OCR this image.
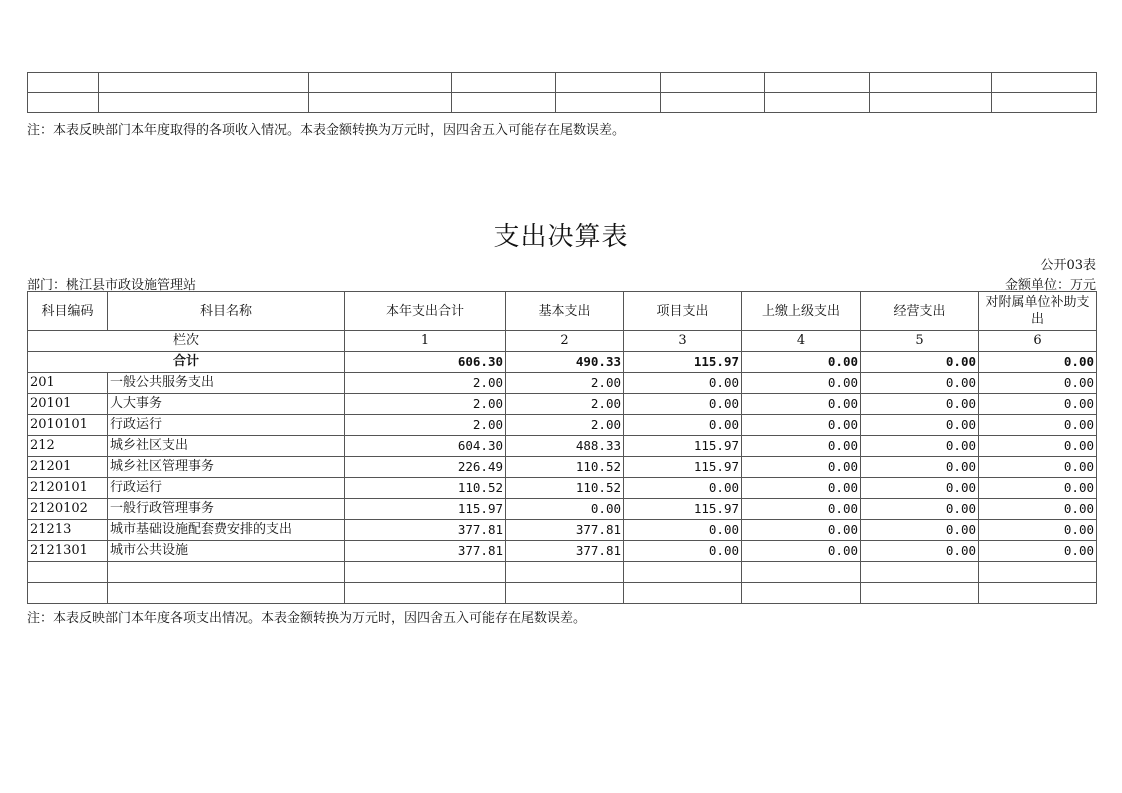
注：本表反映部门本年度取得的各项收入情况。本表金额转换为万元时，因四舍五入可能存在尾数误差。
支出决算表
公开03表
部门：桃江县市政设施管理站	金额单位：万元
科目编码	科目名称	本年支出合计	基本支出	项目支出	上缴上级支出	经营支出	对附属单位补助支出
栏次		1	2	3	4	5	6
合计		606.30	490.33	115.97	0.00	0.00	0.00
201	一般公共服务支出	2.00	2.00	0.00	0.00	0.00	0.00
20101	人大事务	2.00	2.00	0.00	0.00	0.00	0.00
2010101	行政运行	2.00	2.00	0.00	0.00	0.00	0.00
212	城乡社区支出	604.30	488.33	115.97	0.00	0.00	0.00
21201	城乡社区管理事务	226.49	110.52	115.97	0.00	0.00	0.00
2120101	行政运行	110.52	110.52	0.00	0.00	0.00	0.00
2120102	一般行政管理事务	115.97	0.00	115.97	0.00	0.00	0.00
21213	城市基础设施配套费安排的支出	377.81	377.81	0.00	0.00	0.00	0.00
2121301	城市公共设施	377.81	377.81	0.00	0.00	0.00	0.00

注：本表反映部门本年度各项支出情况。本表金额转换为万元时，因四舍五入可能存在尾数误差。
